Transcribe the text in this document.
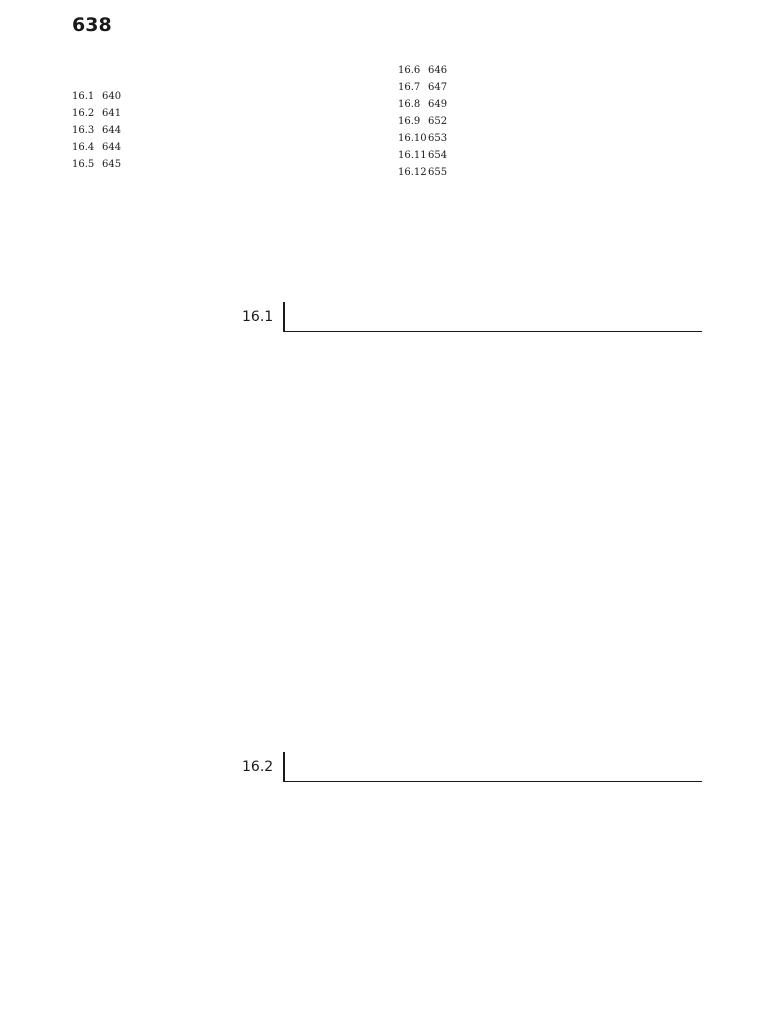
638
16.1 640
16.2 641
16.3 644
16.4 644
16.5 645
16.6 646
16.7 647
16.8 649
16.9 652
16.10 653
16.11 654
16.12 655
16.1
16.2
